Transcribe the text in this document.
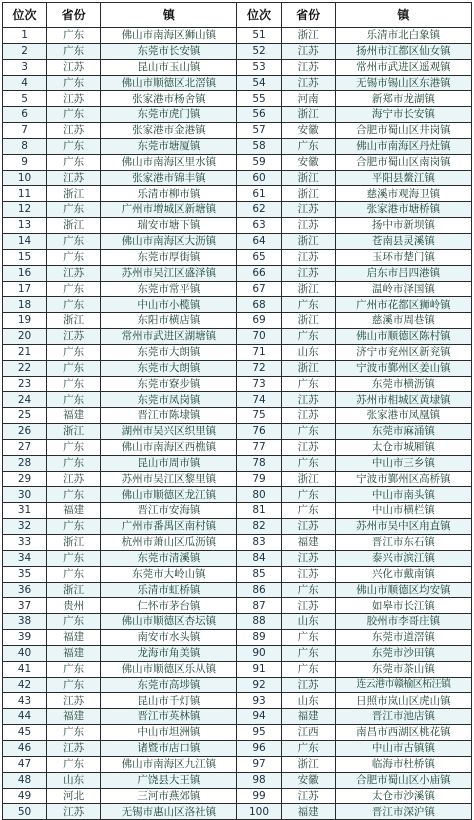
位次	省份	镇	位次	省份	镇
1	广东	佛山市南海区狮山镇	51	浙江	乐清市北白象镇
2	广东	东莞市长安镇	52	江苏	扬州市江都区仙女镇
3	江苏	昆山市玉山镇	53	江苏	常州市武进区遥观镇
4	广东	佛山市顺德区北滘镇	54	江苏	无锡市锡山区东港镇
5	江苏	张家港市杨舍镇	55	河南	新郑市龙湖镇
6	广东	东莞市虎门镇	56	浙江	海宁市长安镇
7	江苏	张家港市金港镇	57	安徽	合肥市蜀山区井岗镇
8	广东	东莞市塘厦镇	58	广东	佛山市南海区丹灶镇
9	广东	佛山市南海区里水镇	59	安徽	合肥市蜀山区南岗镇
10	江苏	张家港市锦丰镇	60	浙江	平阳县鳌江镇
11	浙江	乐清市柳市镇	61	浙江	慈溪市观海卫镇
12	广东	广州市增城区新塘镇	62	江苏	张家港市塘桥镇
13	浙江	瑞安市塘下镇	63	江苏	扬中市新坝镇
14	广东	佛山市南海区大沥镇	64	浙江	苍南县灵溪镇
15	广东	东莞市厚街镇	65	江苏	玉环市楚门镇
16	江苏	苏州市吴江区盛泽镇	66	江苏	启东市吕四港镇
17	广东	东莞市常平镇	67	浙江	温岭市泽国镇
18	广东	中山市小榄镇	68	广东	广州市花都区狮岭镇
19	浙江	东阳市横店镇	69	浙江	慈溪市周巷镇
20	江苏	常州市武进区湖塘镇	70	广东	佛山市顺德区陈村镇
21	广东	东莞市大朗镇	71	山东	济宁市兖州区新兖镇
22	广东	东莞市大朗镇	72	浙江	宁波市鄞州区姜山镇
23	广东	东莞市寮步镇	73	广东	东莞市横沥镇
24	广东	东莞市凤岗镇	74	江苏	苏州市相城区黄埭镇
25	福建	晋江市陈埭镇	75	江苏	张家港市凤凰镇
26	浙江	湖州市吴兴区织里镇	76	广东	东莞市麻涌镇
27	广东	佛山市南海区西樵镇	77	江苏	太仓市城厢镇
28	广东	昆山市周市镇	78	广东	中山市三乡镇
29	江苏	苏州市吴江区黎里镇	79	浙江	宁波市鄞州区高桥镇
30	广东	佛山市顺德区龙江镇	80	广东	中山市南头镇
31	福建	晋江市安海镇	81	广东	中山市横栏镇
32	广东	广州市番禺区南村镇	82	江苏	苏州市吴中区甪直镇
33	浙江	杭州市萧山区瓜沥镇	83	福建	晋江市东石镇
34	广东	东莞市清溪镇	84	江苏	泰兴市滨江镇
35	广东	东莞市大岭山镇	85	江苏	兴化市戴南镇
36	浙江	乐清市虹桥镇	86	广东	佛山市顺德区均安镇
37	贵州	仁怀市茅台镇	87	江苏	如皋市长江镇
38	广东	佛山市顺德区杏坛镇	88	山东	胶州市李哥庄镇
39	福建	南安市水头镇	89	广东	东莞市道滘镇
40	福建	龙海市角美镇	90	广东	东莞市沙田镇
41	广东	佛山市顺德区乐从镇	91	广东	东莞市茶山镇
42	广东	东莞市高埗镇	92	江苏	连云港市赣榆区柘汪镇
43	江苏	昆山市千灯镇	93	山东	日照市岚山区虎山镇
44	福建	晋江市英林镇	94	福建	晋江市池店镇
45	广东	中山市坦洲镇	95	江西	南昌市西湖区桃花镇
46	江苏	诸暨市店口镇	96	广东	中山市古镇镇
47	广东	佛山市南海区九江镇	97	浙江	临海市杜桥镇
48	山东	广饶县大王镇	98	安徽	合肥市蜀山区小庙镇
49	河北	三河市燕郊镇	99	江苏	太仓市沙溪镇
50	江苏	无锡市惠山区洛社镇	100	福建	晋江市深沪镇
